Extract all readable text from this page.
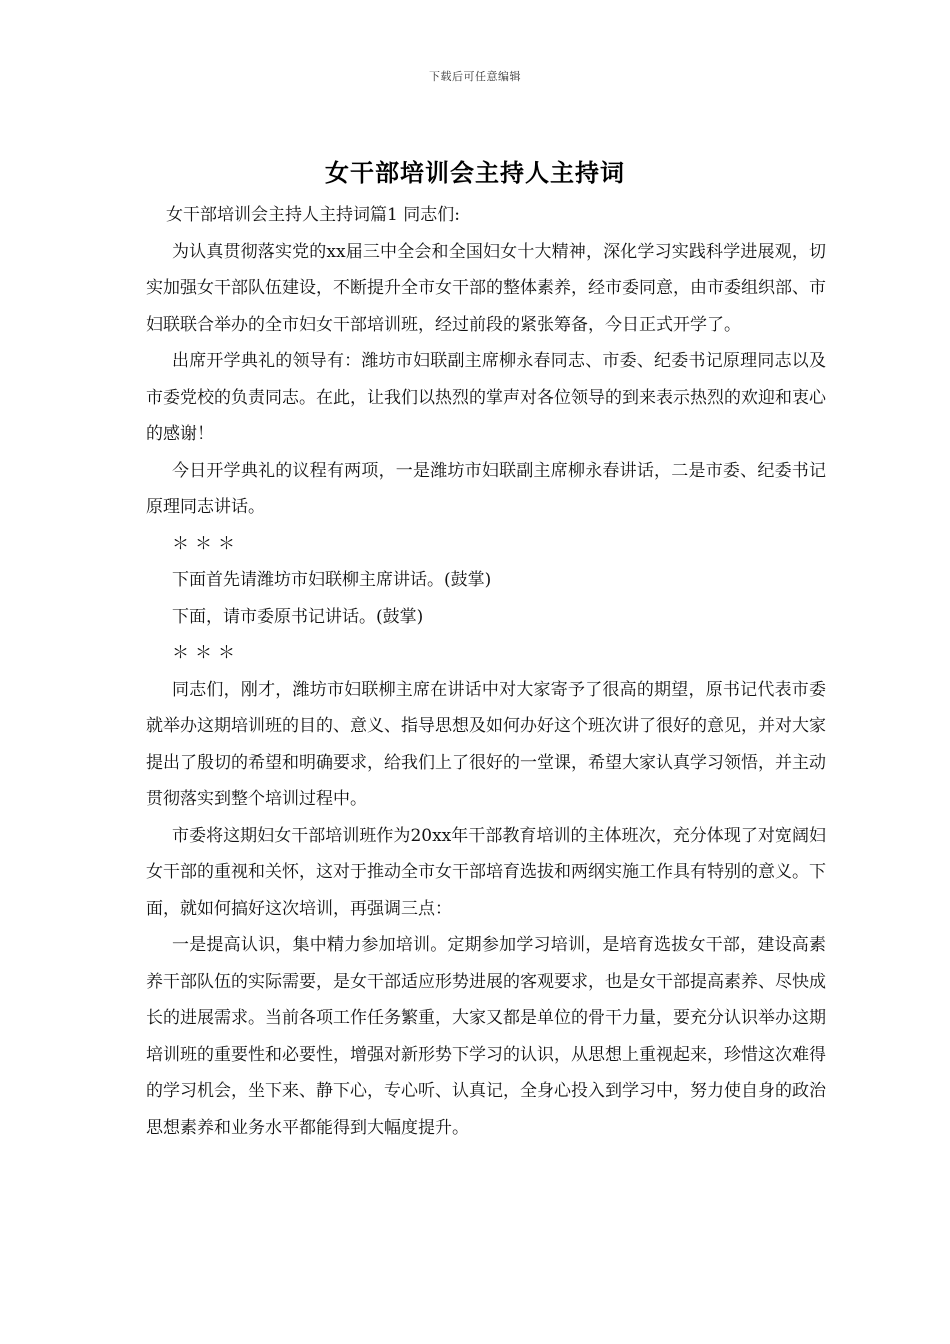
下载后可任意编辑
女干部培训会主持人主持词

女干部培训会主持人主持词篇1 同志们:

为认真贯彻落实党的xx届三中全会和全国妇女十大精神，深化学习实践科学进展观，切实加强女干部队伍建设，不断提升全市女干部的整体素养，经市委同意，由市委组织部、市妇联联合举办的全市妇女干部培训班，经过前段的紧张筹备，今日正式开学了。

出席开学典礼的领导有：潍坊市妇联副主席柳永春同志、市委、纪委书记原理同志以及市委党校的负责同志。在此，让我们以热烈的掌声对各位领导的到来表示热烈的欢迎和衷心的感谢！

今日开学典礼的议程有两项，一是潍坊市妇联副主席柳永春讲话，二是市委、纪委书记原理同志讲话。

＊＊＊

下面首先请潍坊市妇联柳主席讲话。(鼓掌)

下面，请市委原书记讲话。(鼓掌)

＊＊＊

同志们，刚才，潍坊市妇联柳主席在讲话中对大家寄予了很高的期望，原书记代表市委就举办这期培训班的目的、意义、指导思想及如何办好这个班次讲了很好的意见，并对大家提出了殷切的希望和明确要求，给我们上了很好的一堂课，希望大家认真学习领悟，并主动贯彻落实到整个培训过程中。

市委将这期妇女干部培训班作为20xx年干部教育培训的主体班次，充分体现了对宽阔妇女干部的重视和关怀，这对于推动全市女干部培育选拔和两纲实施工作具有特别的意义。下面，就如何搞好这次培训，再强调三点：

一是提高认识，集中精力参加培训。定期参加学习培训，是培育选拔女干部，建设高素养干部队伍的实际需要，是女干部适应形势进展的客观要求，也是女干部提高素养、尽快成长的进展需求。当前各项工作任务繁重，大家又都是单位的骨干力量，要充分认识举办这期培训班的重要性和必要性，增强对新形势下学习的认识，从思想上重视起来，珍惜这次难得的学习机会，坐下来、静下心，专心听、认真记，全身心投入到学习中，努力使自身的政治思想素养和业务水平都能得到大幅度提升。
